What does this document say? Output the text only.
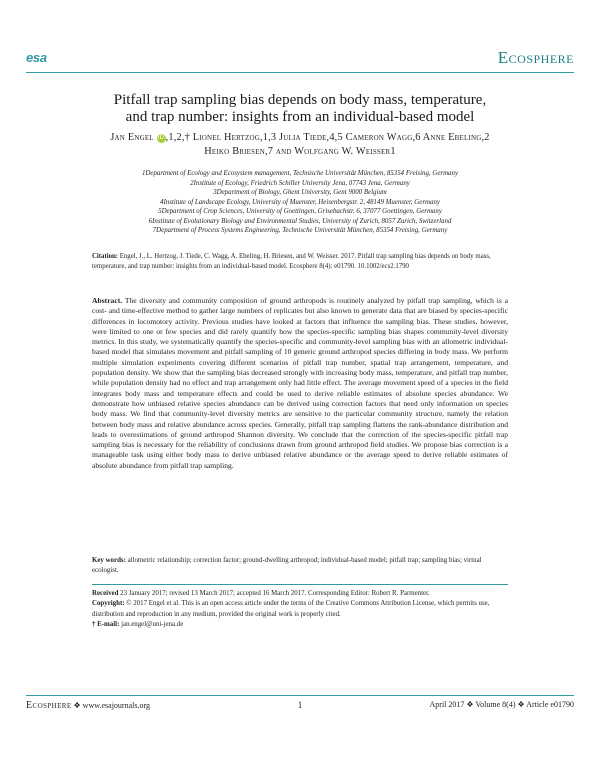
esa	Ecosphere
Pitfall trap sampling bias depends on body mass, temperature,
and trap number: insights from an individual-based model
Jan Engel iD,1,2,† Lionel Hertzog,1,3 Julia Tiede,4,5 Cameron Wagg,6 Anne Ebeling,2
Heiko Briesen,7 and Wolfgang W. Weisser1
1Department of Ecology and Ecosystem management, Technische Universität München, 85354 Freising, Germany
2Institute of Ecology, Friedrich Schiller University Jena, 07743 Jena, Germany
3Department of Biology, Ghent University, Gent 9000 Belgium
4Institute of Landscape Ecology, University of Muenster, Heisenbergstr. 2, 48149 Muenster, Germany
5Department of Crop Sciences, University of Goettingen, Grisebachstr. 6, 37077 Goettingen, Germany
6Institute of Evolutionary Biology and Environmental Studies, University of Zurich, 8057 Zurich, Switzerland
7Department of Process Systems Engineering, Technische Universität München, 85354 Freising, Germany
Citation: Engel, J., L. Hertzog, J. Tiede, C. Wagg, A. Ebeling, H. Briesen, and W. Weisser. 2017. Pitfall trap sampling bias depends on body mass, temperature, and trap number: insights from an individual-based model. Ecosphere 8(4): e01790. 10.1002/ecs2.1790
Abstract. The diversity and community composition of ground arthropods is routinely analyzed by pitfall trap sampling, which is a cost- and time-effective method to gather large numbers of replicates but also known to generate data that are biased by species-specific differences in locomotory activity. Previous studies have looked at factors that influence the sampling bias. These studies, however, were limited to one or few species and did rarely quantify how the species-specific sampling bias shapes community-level diversity metrics. In this study, we systematically quantify the species-specific and community-level sampling bias with an allometric individual-based model that simulates movement and pitfall sampling of 10 generic ground arthropod species differing in body mass. We perform multiple simulation experiments covering different scenarios of pitfall trap number, spatial trap arrangement, temperature, and population density. We show that the sampling bias decreased strongly with increasing body mass, temperature, and pitfall trap number, while population density had no effect and trap arrangement only had little effect. The average movement speed of a species in the field integrates body mass and temperature effects and could be used to derive reliable estimates of absolute species abundance. We demonstrate how unbiased relative species abundance can be derived using correction factors that need only information on species body mass. We find that community-level diversity metrics are sensitive to the particular community structure, namely the relation between body mass and relative abundance across species. Generally, pitfall trap sampling flattens the rank-abundance distribution and leads to overestimations of ground arthropod Shannon diversity. We conclude that the correction of the species-specific pitfall trap sampling bias is necessary for the reliability of conclusions drawn from ground arthropod field studies. We propose bias correction is a manageable task using either body mass to derive unbiased relative abundance or the average speed to derive reliable estimates of absolute abundance from pitfall trap sampling.
Key words: allometric relationship; correction factor; ground-dwelling arthropod; individual-based model; pitfall trap; sampling bias; virtual ecologist.
Received 23 January 2017; revised 13 March 2017; accepted 16 March 2017. Corresponding Editor: Robert R. Parmenter.
Copyright: © 2017 Engel et al. This is an open access article under the terms of the Creative Commons Attribution License, which permits use, distribution and reproduction in any medium, provided the original work is properly cited.
† E-mail: jan.engel@uni-jena.de
Ecosphere ❖ www.esajournals.org	1	April 2017 ❖ Volume 8(4) ❖ Article e01790
